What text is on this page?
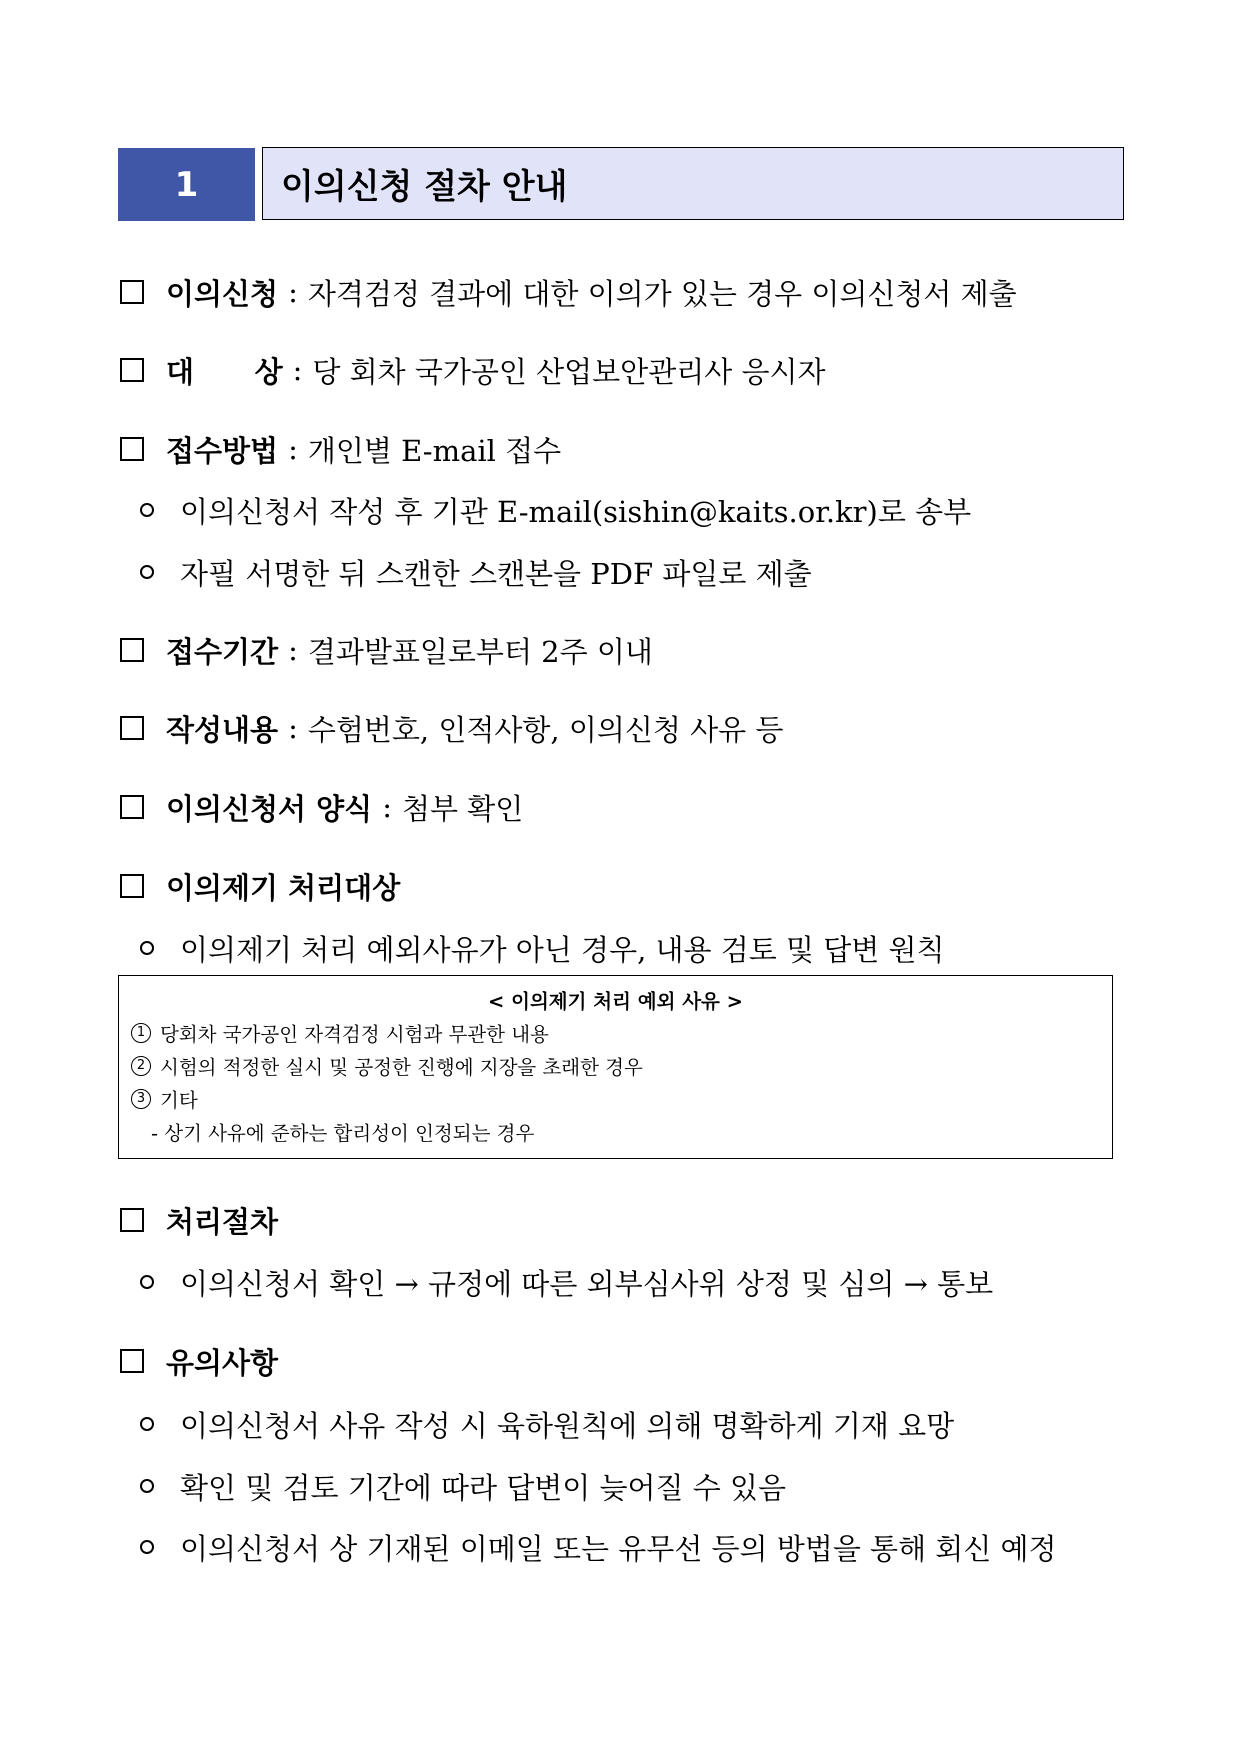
1	이의신청 절차 안내
이의신청 : 자격검정 결과에 대한 이의가 있는 경우 이의신청서 제출
대      상 : 당 회차 국가공인 산업보안관리사 응시자
접수방법 : 개인별 E-mail 접수
이의신청서 작성 후 기관 E-mail(sishin@kaits.or.kr)로 송부
자필 서명한 뒤 스캔한 스캔본을 PDF 파일로 제출
접수기간 : 결과발표일로부터 2주 이내
작성내용 : 수험번호, 인적사항, 이의신청 사유 등
이의신청서 양식 : 첨부 확인
이의제기 처리대상
이의제기 처리 예외사유가 아닌 경우, 내용 검토 및 답변 원칙
< 이의제기 처리 예외 사유 >
1 당회차 국가공인 자격검정 시험과 무관한 내용
2 시험의 적정한 실시 및 공정한 진행에 지장을 초래한 경우
3 기타
- 상기 사유에 준하는 합리성이 인정되는 경우
처리절차
이의신청서 확인 → 규정에 따른 외부심사위 상정 및 심의 → 통보
유의사항
이의신청서 사유 작성 시 육하원칙에 의해 명확하게 기재 요망
확인 및 검토 기간에 따라 답변이 늦어질 수 있음
이의신청서 상 기재된 이메일 또는 유무선 등의 방법을 통해 회신 예정
